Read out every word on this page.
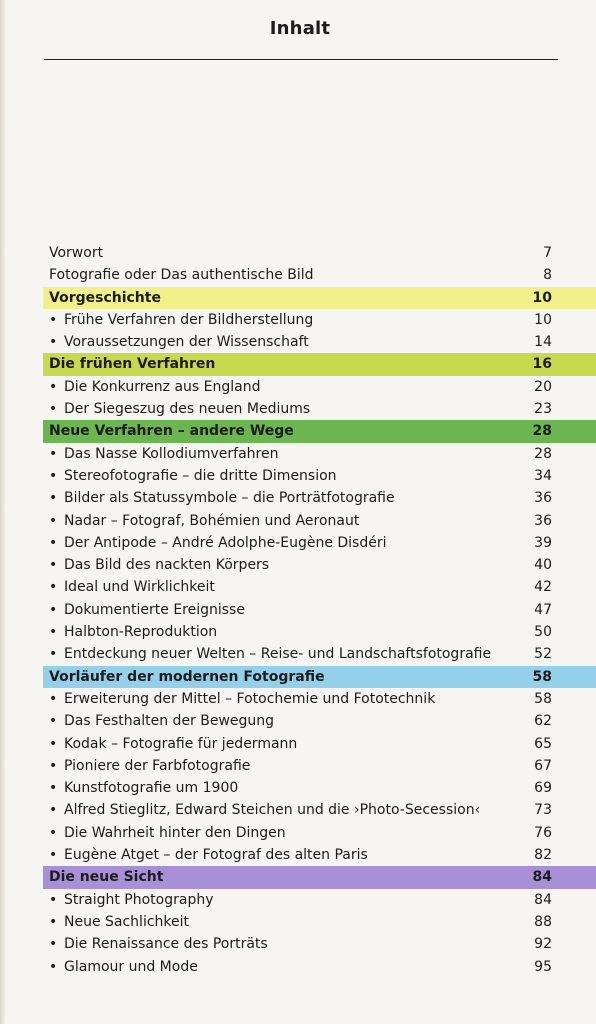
Inhalt
Vorwort	7
Fotografie oder Das authentische Bild	8
Vorgeschichte	10
• Frühe Verfahren der Bildherstellung	10
• Voraussetzungen der Wissenschaft	14
Die frühen Verfahren	16
• Die Konkurrenz aus England	20
• Der Siegeszug des neuen Mediums	23
Neue Verfahren – andere Wege	28
• Das Nasse Kollodiumverfahren	28
• Stereofotografie – die dritte Dimension	34
• Bilder als Statussymbole – die Porträtfotografie	36
• Nadar – Fotograf, Bohémien und Aeronaut	36
• Der Antipode – André Adolphe-Eugène Disdéri	39
• Das Bild des nackten Körpers	40
• Ideal und Wirklichkeit	42
• Dokumentierte Ereignisse	47
• Halbton-Reproduktion	50
• Entdeckung neuer Welten – Reise- und Landschaftsfotografie	52
Vorläufer der modernen Fotografie	58
• Erweiterung der Mittel – Fotochemie und Fototechnik	58
• Das Festhalten der Bewegung	62
• Kodak – Fotografie für jedermann	65
• Pioniere der Farbfotografie	67
• Kunstfotografie um 1900	69
• Alfred Stieglitz, Edward Steichen und die ›Photo-Secession‹	73
• Die Wahrheit hinter den Dingen	76
• Eugène Atget – der Fotograf des alten Paris	82
Die neue Sicht	84
• Straight Photography	84
• Neue Sachlichkeit	88
• Die Renaissance des Porträts	92
• Glamour und Mode	95
